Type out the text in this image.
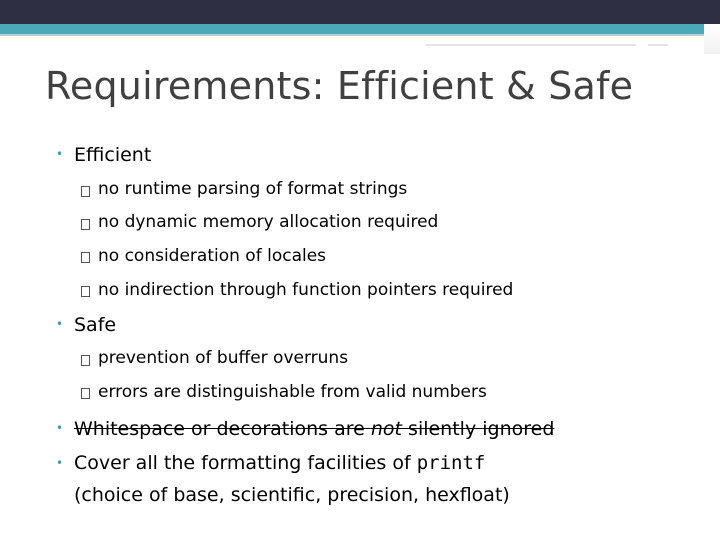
Requirements: Efficient & Safe
• Efficient
no runtime parsing of format strings
no dynamic memory allocation required
no consideration of locales
no indirection through function pointers required
• Safe
prevention of buffer overruns
errors are distinguishable from valid numbers
• Whitespace or decorations are not silently ignored
• Cover all the formatting facilities of printf
(choice of base, scientific, precision, hexfloat)
